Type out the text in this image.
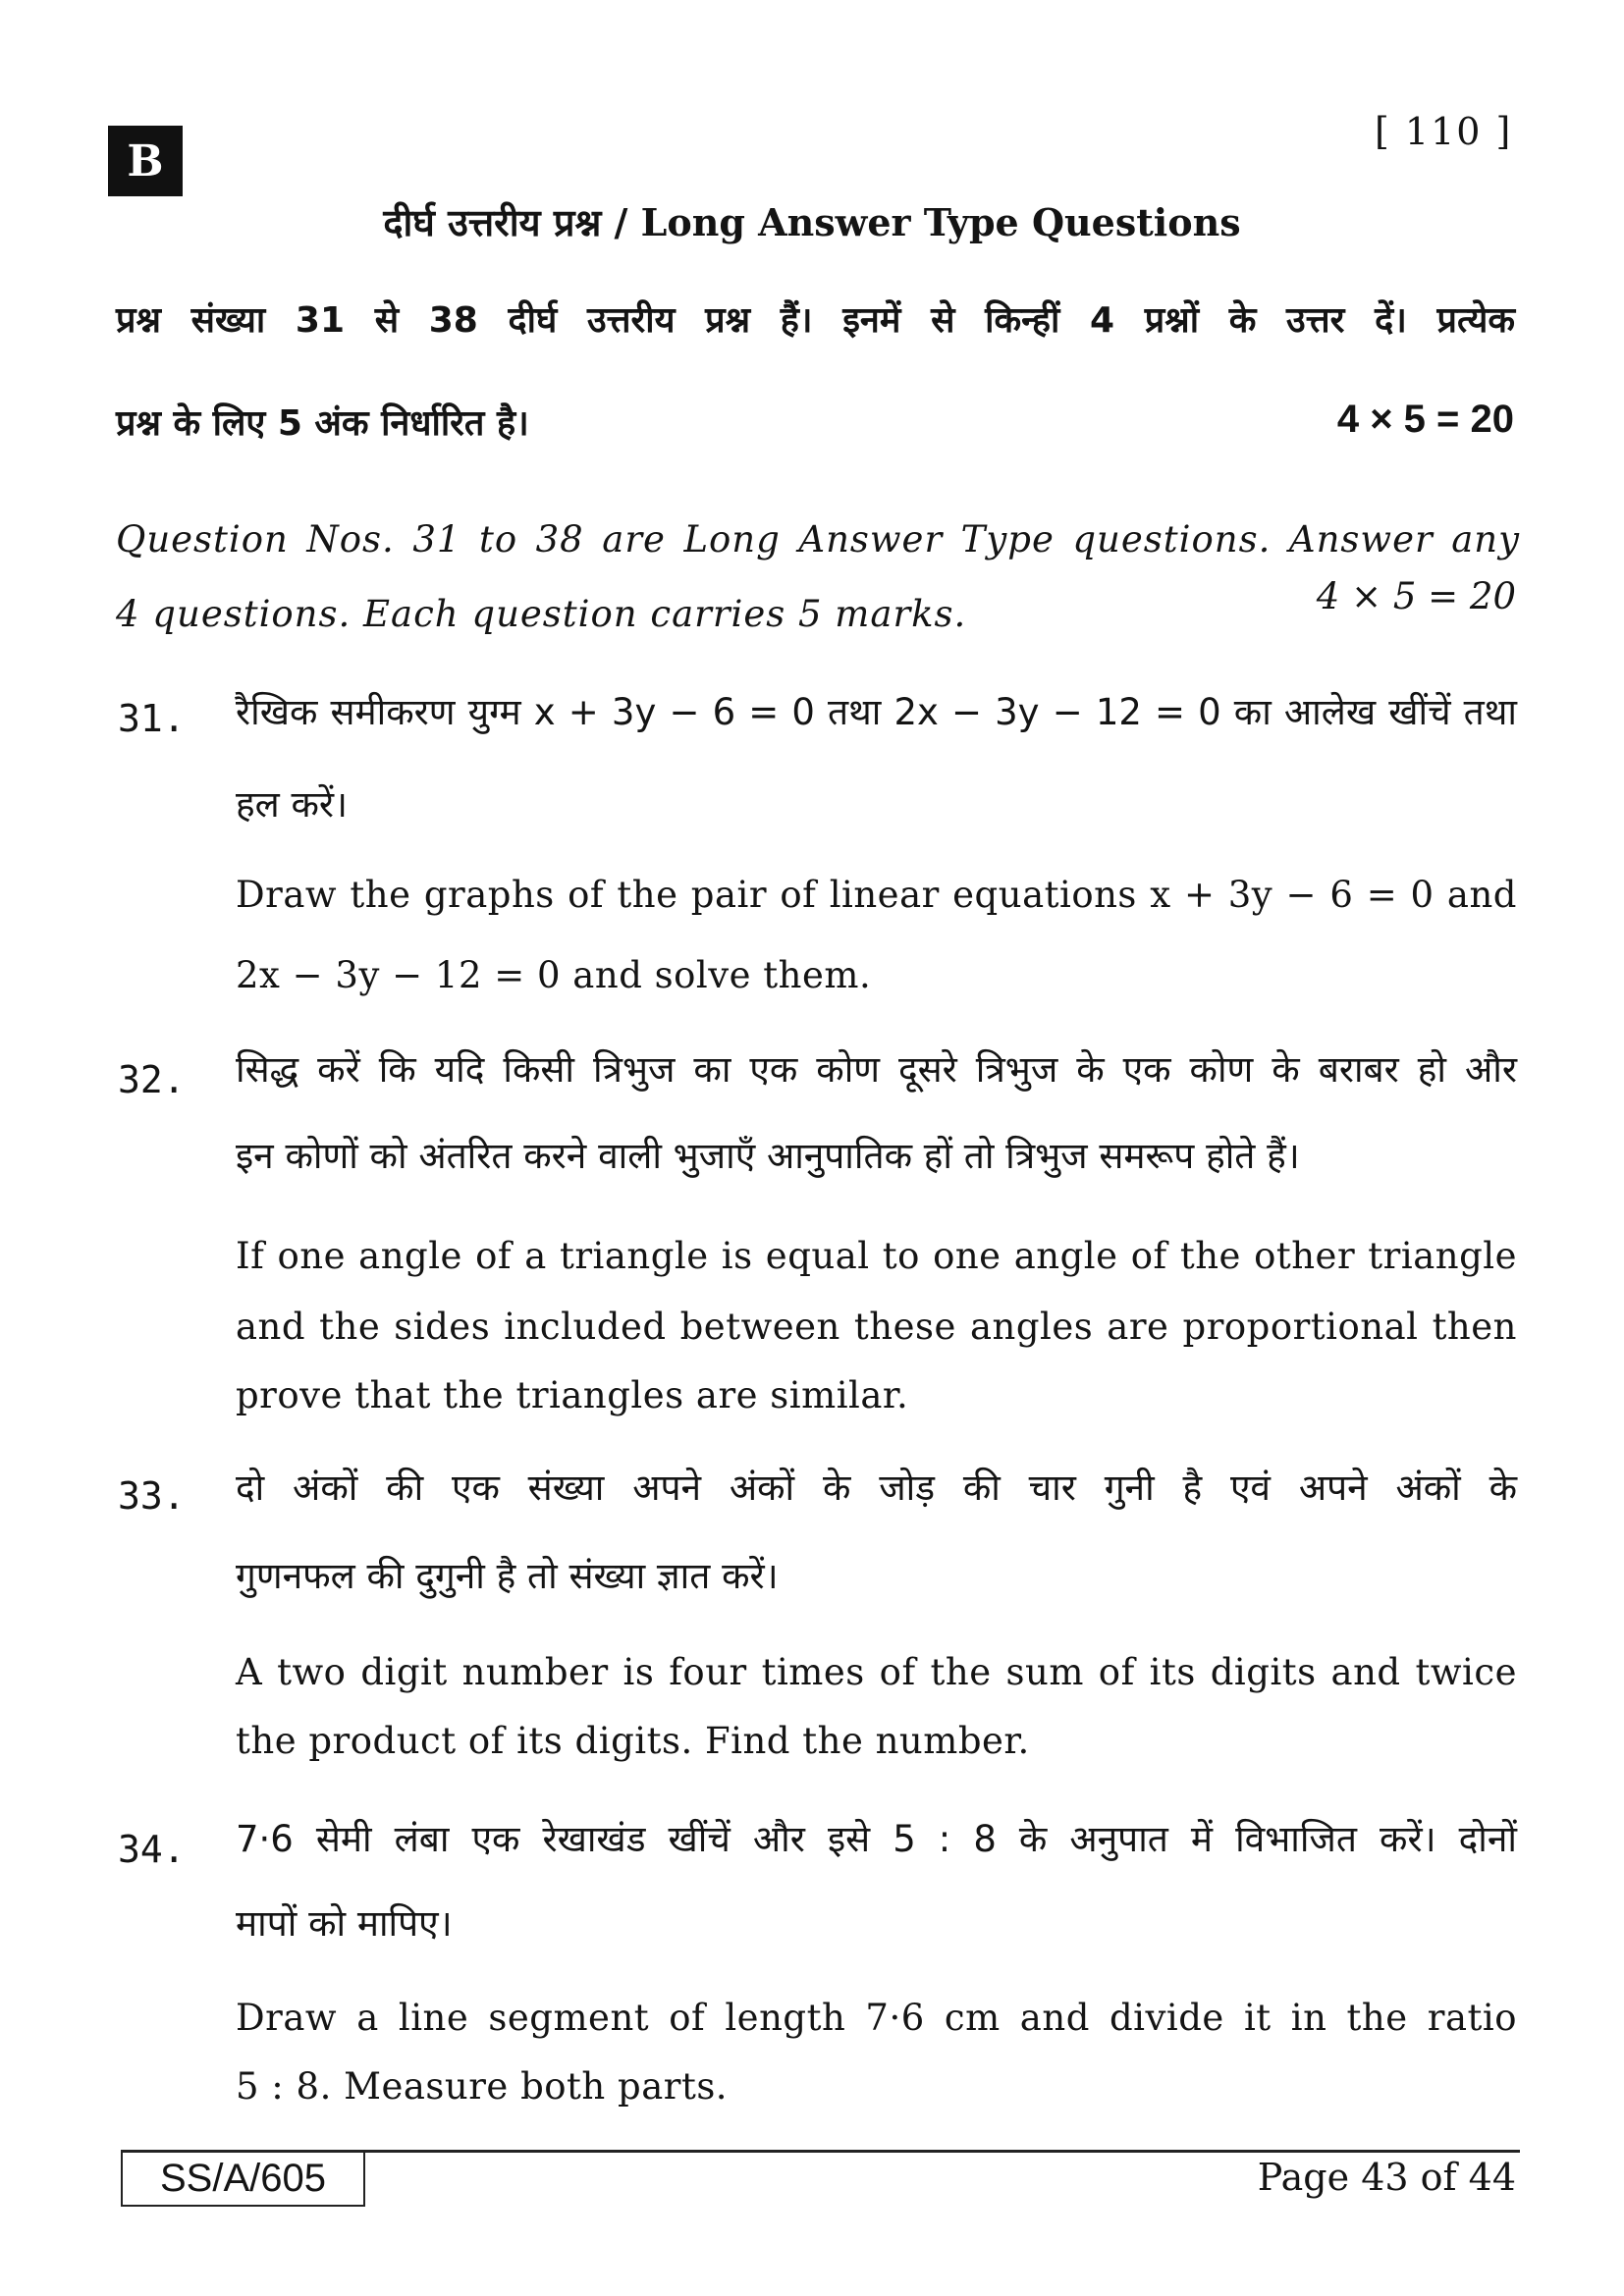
B
[ 110 ]
दीर्घ उत्तरीय प्रश्न / Long Answer Type Questions
प्रश्न संख्या 31 से 38 दीर्घ उत्तरीय प्रश्न हैं। इनमें से किन्हीं 4 प्रश्नों के उत्तर दें। प्रत्येक
प्रश्न के लिए 5 अंक निर्धारित है।	4 × 5 = 20
Question Nos. 31 to 38 are Long Answer Type questions. Answer any
4 questions. Each question carries 5 marks.	4 × 5 = 20
31. रैखिक समीकरण युग्म x + 3y − 6 = 0 तथा 2x − 3y − 12 = 0 का आलेख खींचें तथा
हल करें।
Draw the graphs of the pair of linear equations x + 3y − 6 = 0 and
2x − 3y − 12 = 0 and solve them.
32. सिद्ध करें कि यदि किसी त्रिभुज का एक कोण दूसरे त्रिभुज के एक कोण के बराबर हो और
इन कोणों को अंतरित करने वाली भुजाएँ आनुपातिक हों तो त्रिभुज समरूप होते हैं।
If one angle of a triangle is equal to one angle of the other triangle
and the sides included between these angles are proportional then
prove that the triangles are similar.
33. दो अंकों की एक संख्या अपने अंकों के जोड़ की चार गुनी है एवं अपने अंकों के
गुणनफल की दुगुनी है तो संख्या ज्ञात करें।
A two digit number is four times of the sum of its digits and twice
the product of its digits. Find the number.
34. 7·6 सेमी लंबा एक रेखाखंड खींचें और इसे 5 : 8 के अनुपात में विभाजित करें। दोनों
मापों को मापिए।
Draw a line segment of length 7·6 cm and divide it in the ratio
5 : 8. Measure both parts.
SS/A/605	Page 43 of 44
